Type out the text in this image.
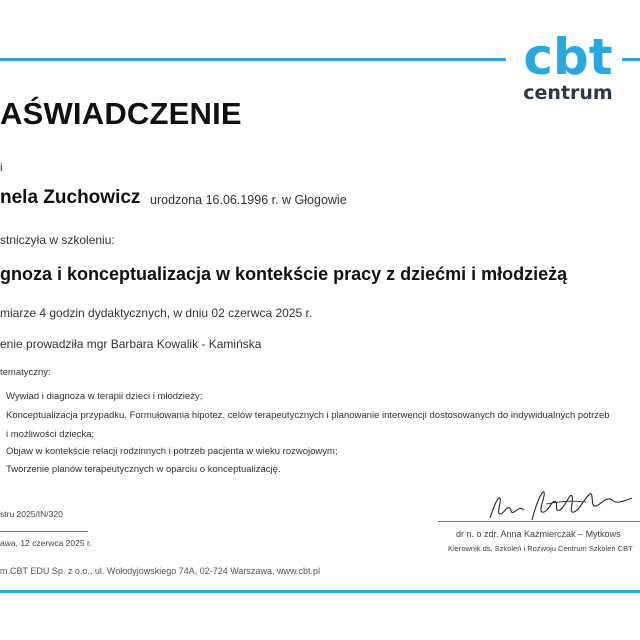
cbt
centrum
AŚWIADCZENIE
i
nela Zuchowicz urodzona 16.06.1996 r. w Głogowie
stniczyła w szkoleniu:
gnoza i konceptualizacja w kontekście pracy z dziećmi i młodzieżą
miarze 4 godzin dydaktycznych, w dniu 02 czerwca 2025 r.
enie prowadziła mgr Barbara Kowalik - Kamińska
tematyczny:
Wywiad i diagnoza w terapii dzieci i młodzieży;
Konceptualizacja przypadku. Formułowania hipotez, celów terapeutycznych i planowanie interwencji dostosowanych do indywidualnych potrzeb
i możliwości dziecka;
Objaw w kontekście relacji rodzinnych i potrzeb pacjenta w wieku rozwojowym;
Tworzenie planów terapeutycznych w oparciu o konceptualizację.
stru 2025/IN/320
awa, 12 czerwca 2025 r.
dr n. o zdr. Anna Kaźmierczak – Mytkows
Kierownik ds. Szkoleń i Rozwoju Centrum Szkoleń CBT
m CBT EDU Sp. z o.o., ul. Wołodyjowskiego 74A, 02-724 Warszawa, www.cbt.pl
